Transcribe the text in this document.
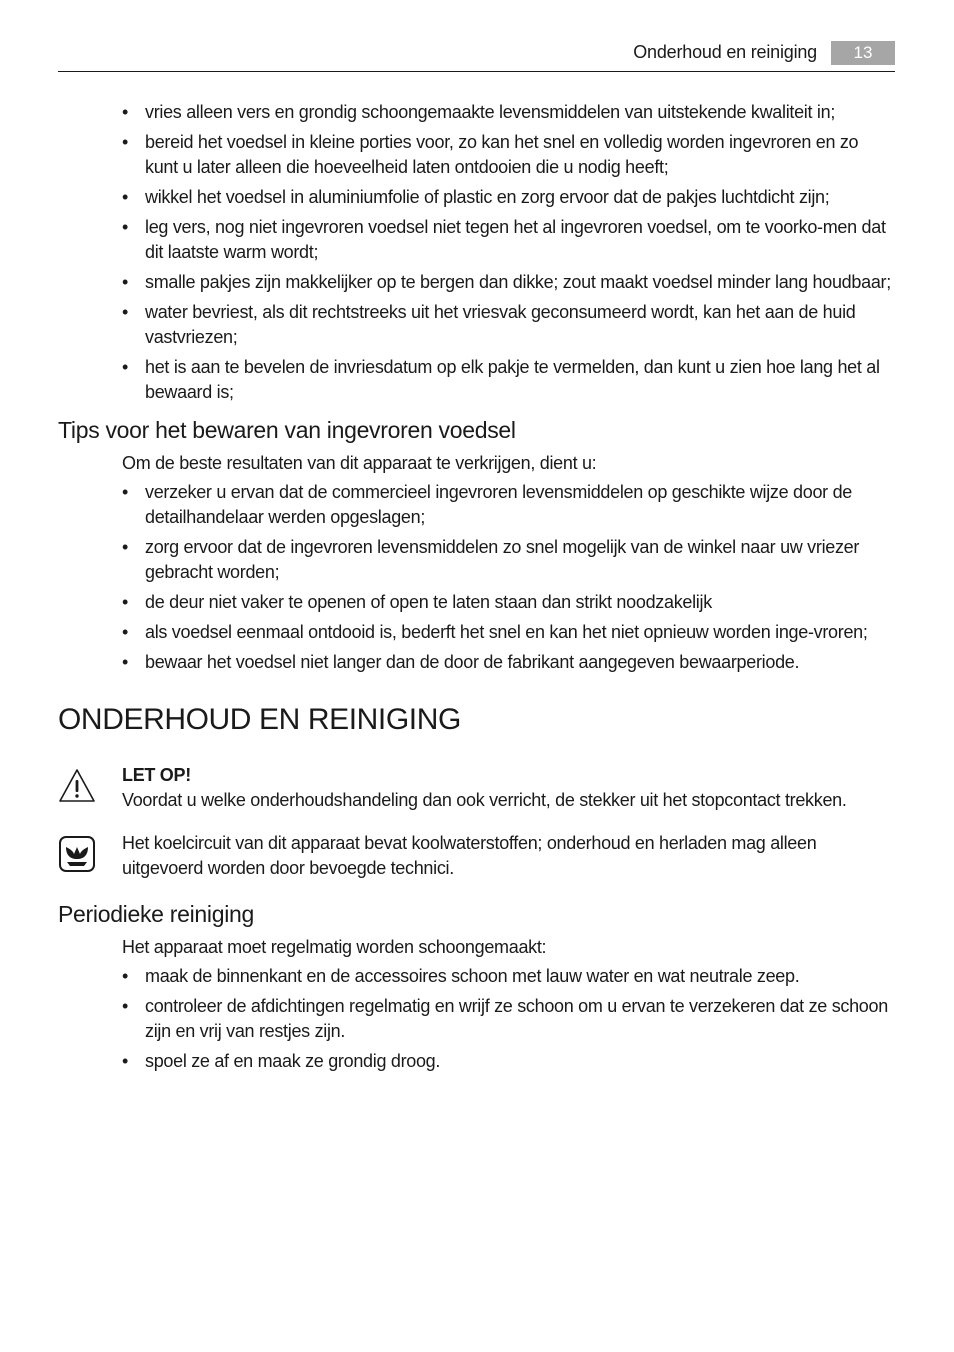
Onderhoud en reiniging	13
• vries alleen vers en grondig schoongemaakte levensmiddelen van uitstekende kwaliteit in;
• bereid het voedsel in kleine porties voor, zo kan het snel en volledig worden ingevroren en zo kunt u later alleen die hoeveelheid laten ontdooien die u nodig heeft;
• wikkel het voedsel in aluminiumfolie of plastic en zorg ervoor dat de pakjes luchtdicht zijn;
• leg vers, nog niet ingevroren voedsel niet tegen het al ingevroren voedsel, om te voorko-men dat dit laatste warm wordt;
• smalle pakjes zijn makkelijker op te bergen dan dikke; zout maakt voedsel minder lang houdbaar;
• water bevriest, als dit rechtstreeks uit het vriesvak geconsumeerd wordt, kan het aan de huid vastvriezen;
• het is aan te bevelen de invriesdatum op elk pakje te vermelden, dan kunt u zien hoe lang het al bewaard is;
Tips voor het bewaren van ingevroren voedsel
Om de beste resultaten van dit apparaat te verkrijgen, dient u:
• verzeker u ervan dat de commercieel ingevroren levensmiddelen op geschikte wijze door de detailhandelaar werden opgeslagen;
• zorg ervoor dat de ingevroren levensmiddelen zo snel mogelijk van de winkel naar uw vriezer gebracht worden;
• de deur niet vaker te openen of open te laten staan dan strikt noodzakelijk
• als voedsel eenmaal ontdooid is, bederft het snel en kan het niet opnieuw worden inge-vroren;
• bewaar het voedsel niet langer dan de door de fabrikant aangegeven bewaarperiode.
ONDERHOUD EN REINIGING
LET OP!
Voordat u welke onderhoudshandeling dan ook verricht, de stekker uit het stopcontact trekken.
Het koelcircuit van dit apparaat bevat koolwaterstoffen; onderhoud en herladen mag alleen uitgevoerd worden door bevoegde technici.
Periodieke reiniging
Het apparaat moet regelmatig worden schoongemaakt:
• maak de binnenkant en de accessoires schoon met lauw water en wat neutrale zeep.
• controleer de afdichtingen regelmatig en wrijf ze schoon om u ervan te verzekeren dat ze schoon zijn en vrij van restjes zijn.
• spoel ze af en maak ze grondig droog.
